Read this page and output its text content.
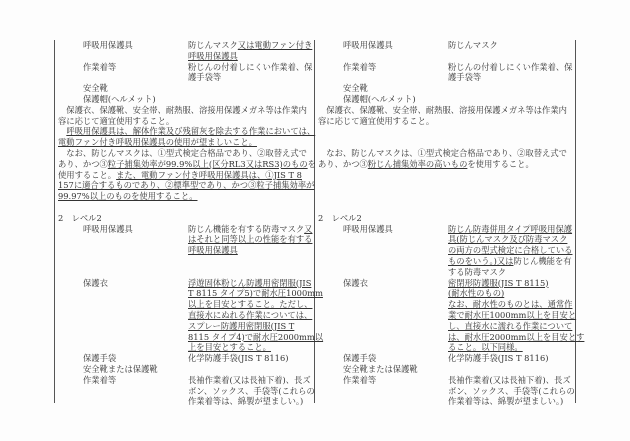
呼吸用保護具	防じんマスク又は電動ファン付き
呼吸用保護具
作業着等	粉じんの付着しにくい作業着、保
護手袋等
安全靴
保護帽(ヘルメット)
　保護衣、保護靴、安全帯、耐熱服、溶接用保護メガネ等は作業内
容に応じて適宜使用すること。
　呼吸用保護具は、解体作業及び残留灰を除去する作業においては、
電動ファン付き呼吸用保護具の使用が望ましいこと。
　なお、防じんマスクは、①型式検定合格品であり、②取替え式で
あり、かつ③粒子捕集効率が99.9%以上(区分RL3又はRS3)のものを
使用すること。また、電動ファン付き呼吸用保護具は、①JIS T 8
157に適合するものであり、②標準型であり、かつ③粒子捕集効率が
99.97%以上のものを使用すること。
2　レベル2
呼吸用保護具	防じん機能を有する防毒マスク又
はそれと同等以上の性能を有する
呼吸用保護具
保護衣	浮遊固体粉じん防護用密閉服(JIS
T 8115 タイプ5)で耐水圧1000mm
以上を目安とすること。ただし、
直接水にぬれる作業については、
スプレー防護用密閉服(JIS T
8115 タイプ4)で耐水圧2000mm以
上を目安とすること。
保護手袋	化学防護手袋(JIS T 8116)
安全靴または保護靴
作業着等	長袖作業着(又は長袖下着)、長ズ
ボン、ソックス、手袋等(これらの
作業着等は、綿製が望ましい。)
呼吸用保護具	防じんマスク
作業着等	粉じんの付着しにくい作業着、保
護手袋等
安全靴
保護帽(ヘルメット)
　保護衣、保護靴、安全帯、耐熱服、溶接用保護メガネ等は作業内
容に応じて適宜使用すること。
　なお、防じんマスクは、①型式検定合格品であり、②取替え式で
あり、かつ③粉じん捕集効率の高いものを使用すること。
2　レベル2
呼吸用保護具	防じん防毒併用タイプ呼吸用保護
具(防じんマスク及び防毒マスク
の両方の型式検定に合格している
ものをいう。)又は防じん機能を有
する防毒マスク
保護衣	密閉形防護服(JIS T 8115)
(耐水性のもの)
なお、耐水性のものとは、通常作
業で耐水圧1000mm以上を目安と
し、直接水に濡れる作業について
は、耐水圧2000mm以上を目安とす
ること。以下同様。
保護手袋	化学防護手袋(JIS T 8116)
安全靴または保護靴
作業着等	長袖作業着(又は長袖下着)、長ズ
ボン、ソックス、手袋等(これらの
作業着等は、綿製が望ましい。)
